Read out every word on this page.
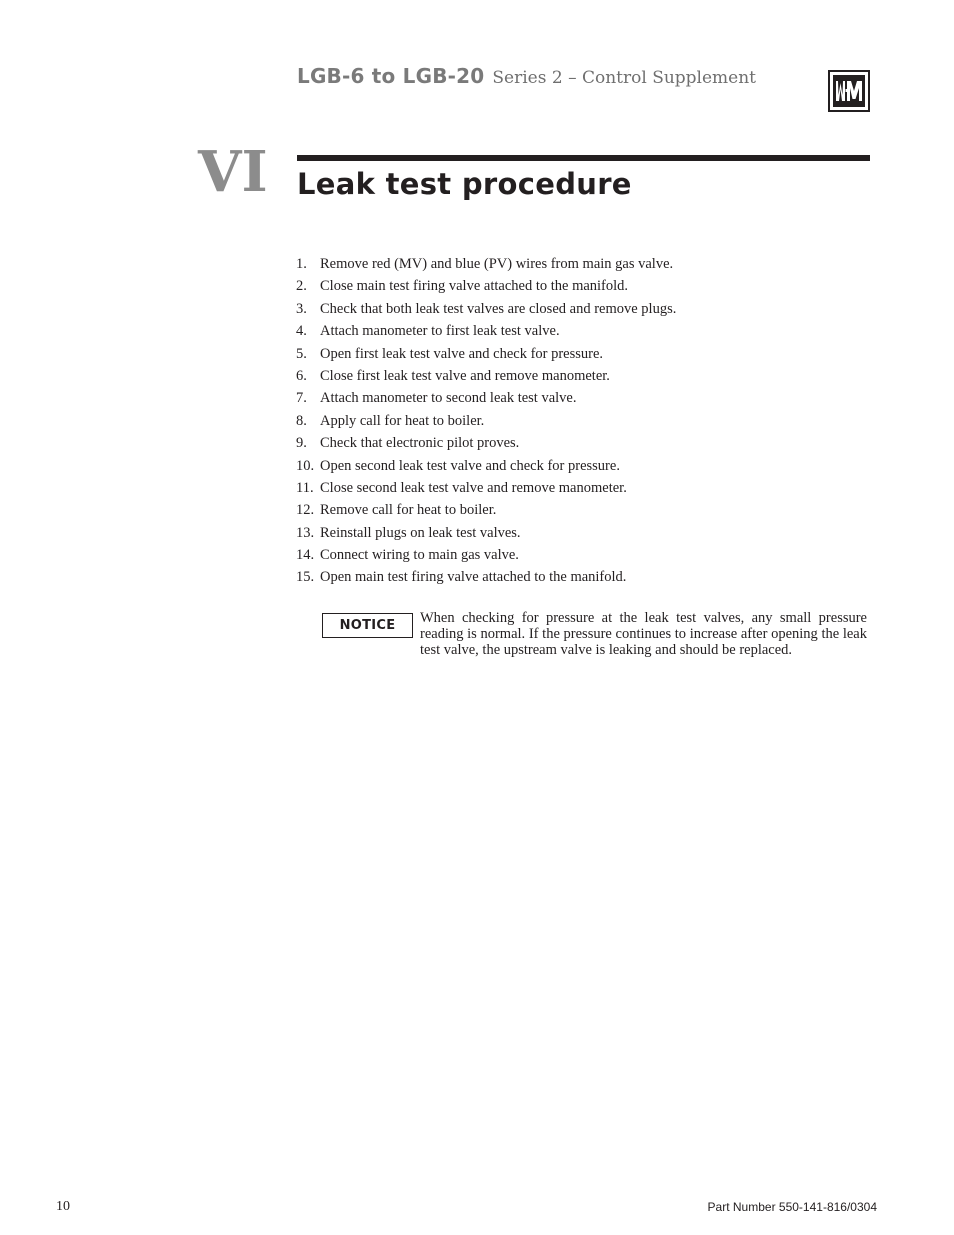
LGB-6 to LGB-20 Series 2 – Control Supplement
VI Leak test procedure
1. Remove red (MV) and blue (PV) wires from main gas valve.
2. Close main test firing valve attached to the manifold.
3. Check that both leak test valves are closed and remove plugs.
4. Attach manometer to first leak test valve.
5. Open first leak test valve and check for pressure.
6. Close first leak test valve and remove manometer.
7. Attach manometer to second leak test valve.
8. Apply call for heat to boiler.
9. Check that electronic pilot proves.
10. Open second leak test valve and check for pressure.
11. Close second leak test valve and remove manometer.
12. Remove call for heat to boiler.
13. Reinstall plugs on leak test valves.
14. Connect wiring to main gas valve.
15. Open main test firing valve attached to the manifold.
NOTICE	When checking for pressure at the leak test valves, any small pressure reading is normal. If the pressure continues to increase after opening the leak test valve, the upstream valve is leaking and should be replaced.

10	Part Number 550-141-816/0304
